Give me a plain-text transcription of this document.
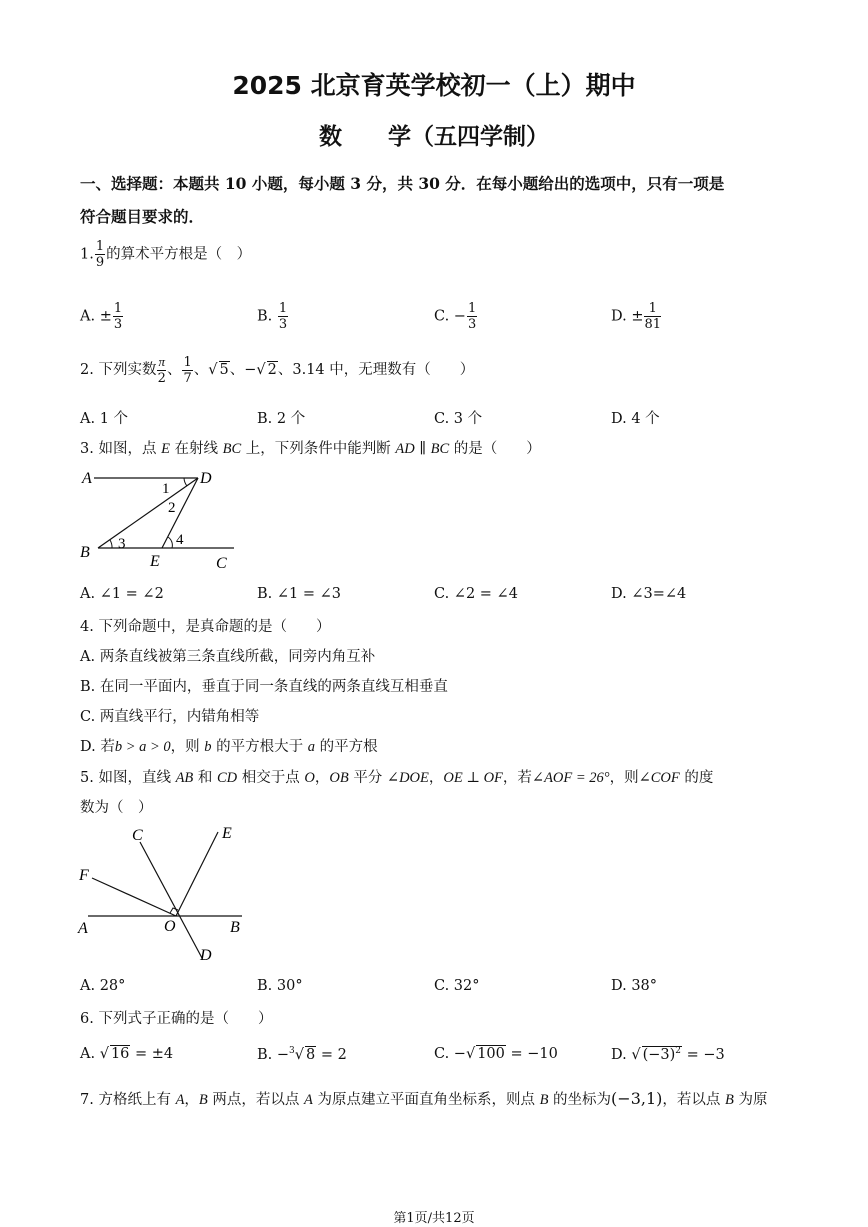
2025 北京育英学校初一（上）期中
数　　学（五四学制）
一、选择题：本题共 10 小题，每小题 3 分，共 30 分．在每小题给出的选项中，只有一项是
符合题目要求的．
1. $\frac{1}{9}$ 的算术平方根是（　）
A. ± $\frac{1}{3}$	B. $\frac{1}{3}$	C. − $\frac{1}{3}$	D. ± $\frac{1}{81}$
2. 下列实数 $\frac{\pi}{2}$ 、 $\frac{1}{7}$ 、√ 5、−√ 2、3.14 中，无理数有（　　）
A. 1 个	B. 2 个	C. 3 个	D. 4 个
3. 如图，点 E 在射线 BC 上，下列条件中能判断 AD ∥ BC 的是（　　）
A	D
B
E	C
1
2
3	4
A. ∠1 = ∠2	B. ∠1 = ∠3	C. ∠2 = ∠4	D. ∠3=∠4
4. 下列命题中，是真命题的是（　　）
A. 两条直线被第三条直线所截，同旁内角互补
B. 在同一平面内，垂直于同一条直线的两条直线互相垂直
C. 两直线平行，内错角相等
D. 若b > a > 0，则 b 的平方根大于 a 的平方根
5. 如图，直线 AB 和 CD 相交于点 O，OB 平分 ∠DOE，OE ⊥ OF，若∠AOF = 26°，则∠COF 的度
数为（　）
C	E
F
A	O	B
D
A. 28°	B. 30°	C. 32°	D. 38°
6. 下列式子正确的是（　　）
A. √ 16 = ±4	B. −$^3$√ 8 = 2	C. −√ 100 = −10	D. √ $(-3)^2 = -3$
7. 方格纸上有 A，B 两点，若以点 A 为原点建立平面直角坐标系，则点 B 的坐标为(−3,1)，若以点 B 为原
第1页/共12页
